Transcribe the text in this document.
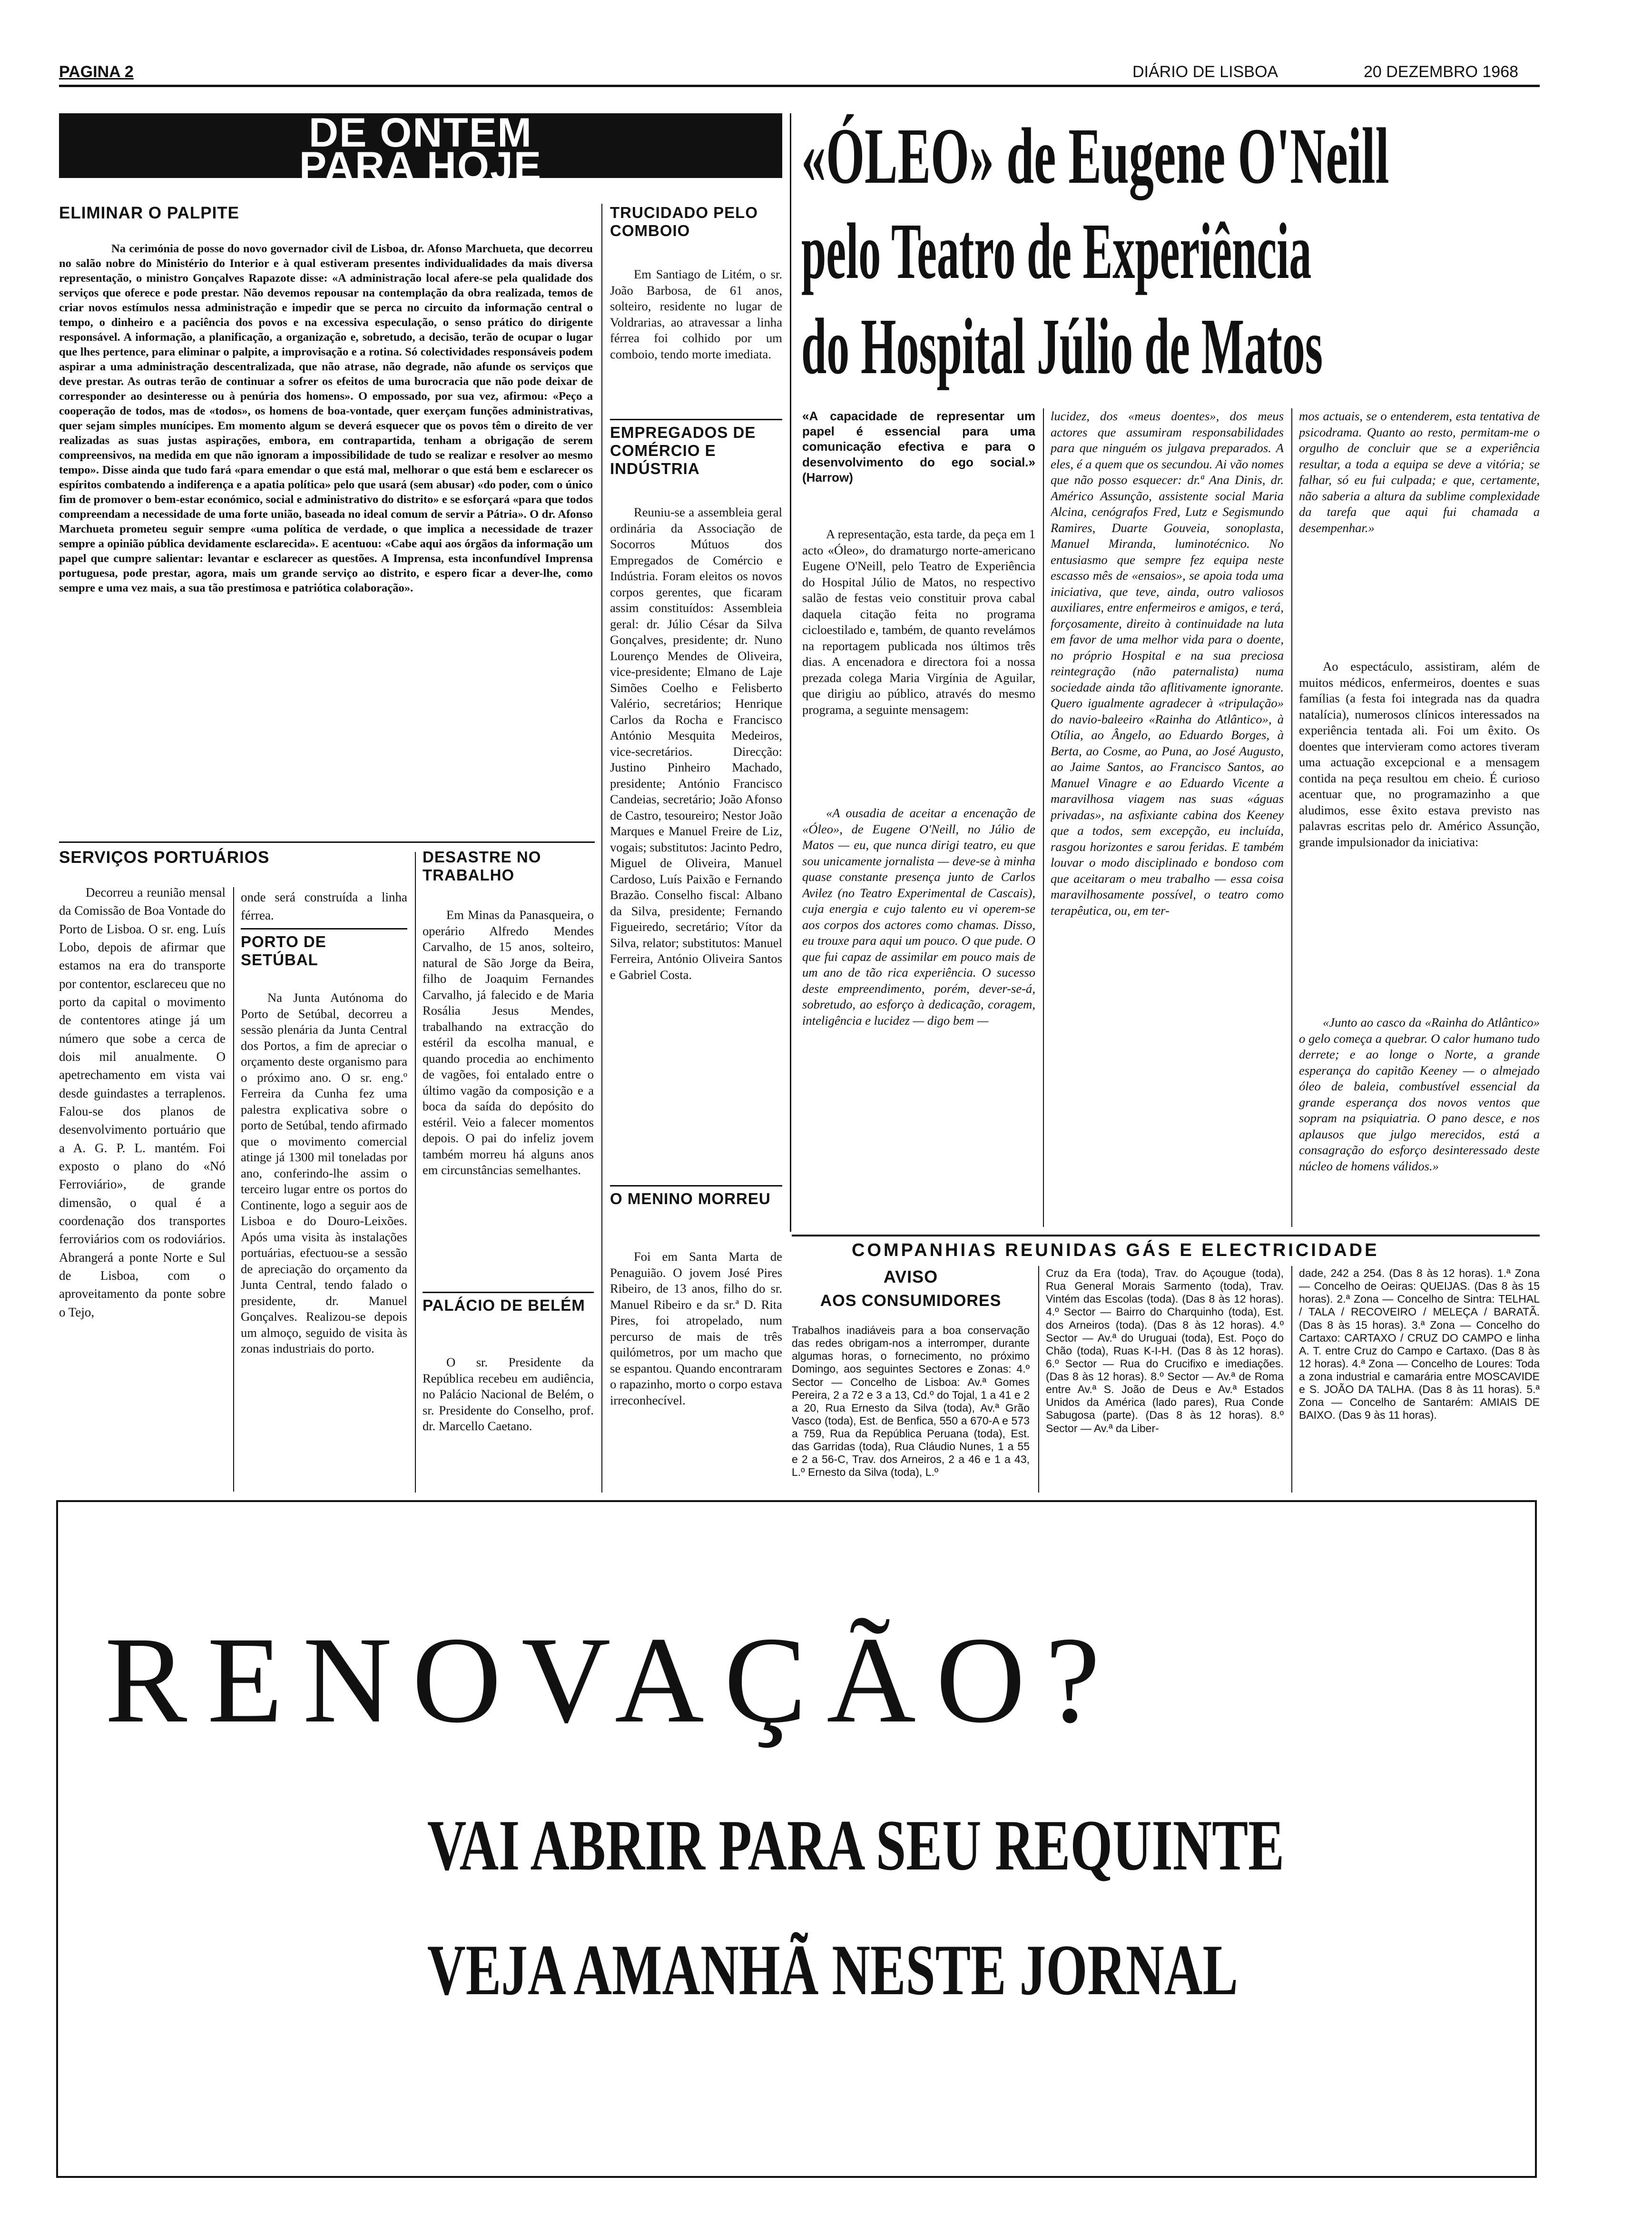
PAGINA 2	DIÁRIO DE LISBOA	20 DEZEMBRO 1968
DE ONTEM
PARA HOJE
ELIMINAR O PALPITE

Na cerimónia de posse do novo governador civil de Lisboa, dr. Afonso Marchueta, que decorreu no salão nobre do Ministério do Interior e à qual estiveram presentes individualidades da mais diversa representação, o ministro Gonçalves Rapazote disse: «A administração local afere-se pela qualidade dos serviços que oferece e pode prestar. Não devemos repousar na contemplação da obra realizada, temos de criar novos estímulos nessa administração e impedir que se perca no circuito da informação central o tempo, o dinheiro e a paciência dos povos e na excessiva especulação, o senso prático do dirigente responsável. A informação, a planificação, a organização e, sobretudo, a decisão, terão de ocupar o lugar que lhes pertence, para eliminar o palpite, a improvisação e a rotina. Só colectividades responsáveis podem aspirar a uma administração descentralizada, que não atrase, não degrade, não afunde os serviços que deve prestar. As outras terão de continuar a sofrer os efeitos de uma burocracia que não pode deixar de corresponder ao desinteresse ou à penúria dos homens». O empossado, por sua vez, afirmou: «Peço a cooperação de todos, mas de «todos», os homens de boa-vontade, quer exerçam funções administrativas, quer sejam simples munícipes. Em momento algum se deverá esquecer que os povos têm o direito de ver realizadas as suas justas aspirações, embora, em contrapartida, tenham a obrigação de serem compreensivos, na medida em que não ignoram a impossibilidade de tudo se realizar e resolver ao mesmo tempo». Disse ainda que tudo fará «para emendar o que está mal, melhorar o que está bem e esclarecer os espíritos combatendo a indiferença e a apatia política» pelo que usará (sem abusar) «do poder, com o único fim de promover o bem-estar económico, social e administrativo do distrito» e se esforçará «para que todos compreendam a necessidade de uma forte união, baseada no ideal comum de servir a Pátria». O dr. Afonso Marchueta prometeu seguir sempre «uma política de verdade, o que implica a necessidade de trazer sempre a opinião pública devidamente esclarecida». E acentuou: «Cabe aqui aos órgãos da informação um papel que cumpre salientar: levantar e esclarecer as questões. A Imprensa, esta inconfundível Imprensa portuguesa, pode prestar, agora, mais um grande serviço ao distrito, e espero ficar a dever-lhe, como sempre e uma vez mais, a sua tão prestimosa e patriótica colaboração».

SERVIÇOS PORTUÁRIOS

Decorreu a reunião mensal da Comissão de Boa Vontade do Porto de Lisboa. O sr. eng. Luís Lobo, depois de afirmar que estamos na era do transporte por contentor, esclareceu que no porto da capital o movimento de contentores atinge já um número que sobe a cerca de dois mil anualmente. O apetrechamento em vista vai desde guindastes a terraplenos. Falou-se dos planos de desenvolvimento portuário que a A. G. P. L. mantém. Foi exposto o plano do «Nó Ferroviário», de grande dimensão, o qual é a coordenação dos transportes ferroviários com os rodoviários. Abrangerá a ponte Norte e Sul de Lisboa, com o aproveitamento da ponte sobre o Tejo,

onde será construída a linha férrea.

PORTO DE SETÚBAL

Na Junta Autónoma do Porto de Setúbal, decorreu a sessão plenária da Junta Central dos Portos, a fim de apreciar o orçamento deste organismo para o próximo ano. O sr. eng.º Ferreira da Cunha fez uma palestra explicativa sobre o porto de Setúbal, tendo afirmado que o movimento comercial atinge já 1300 mil toneladas por ano, conferindo-lhe assim o terceiro lugar entre os portos do Continente, logo a seguir aos de Lisboa e do Douro-Leixões. Após uma visita às instalações portuárias, efectuou-se a sessão de apreciação do orçamento da Junta Central, tendo falado o presidente, dr. Manuel Gonçalves. Realizou-se depois um almoço, seguido de visita às zonas industriais do porto.

DESASTRE NO TRABALHO

Em Minas da Panasqueira, o operário Alfredo Mendes Carvalho, de 15 anos, solteiro, natural de São Jorge da Beira, filho de Joaquim Fernandes Carvalho, já falecido e de Maria Rosália Jesus Mendes, trabalhando na extracção do estéril da escolha manual, e quando procedia ao enchimento de vagões, foi entalado entre o último vagão da composição e a boca da saída do depósito do estéril. Veio a falecer momentos depois. O pai do infeliz jovem também morreu há alguns anos em circunstâncias semelhantes.

PALÁCIO DE BELÉM

O sr. Presidente da República recebeu em audiência, no Palácio Nacional de Belém, o sr. Presidente do Conselho, prof. dr. Marcello Caetano.

TRUCIDADO PELO COMBOIO

Em Santiago de Litém, o sr. João Barbosa, de 61 anos, solteiro, residente no lugar de Voldrarias, ao atravessar a linha férrea foi colhido por um comboio, tendo morte imediata.

EMPREGADOS DE COMÉRCIO E INDÚSTRIA

Reuniu-se a assembleia geral ordinária da Associação de Socorros Mútuos dos Empregados de Comércio e Indústria. Foram eleitos os novos corpos gerentes, que ficaram assim constituídos: Assembleia geral: dr. Júlio César da Silva Gonçalves, presidente; dr. Nuno Lourenço Mendes de Oliveira, vice-presidente; Elmano de Laje Simões Coelho e Felisberto Valério, secretários; Henrique Carlos da Rocha e Francisco António Mesquita Medeiros, vice-secretários. Direcção: Justino Pinheiro Machado, presidente; António Francisco Candeias, secretário; João Afonso de Castro, tesoureiro; Nestor João Marques e Manuel Freire de Liz, vogais; substitutos: Jacinto Pedro, Miguel de Oliveira, Manuel Cardoso, Luís Paixão e Fernando Brazão. Conselho fiscal: Albano da Silva, presidente; Fernando Figueiredo, secretário; Vítor da Silva, relator; substitutos: Manuel Ferreira, António Oliveira Santos e Gabriel Costa.

O MENINO MORREU

Foi em Santa Marta de Penaguião. O jovem José Pires Ribeiro, de 13 anos, filho do sr. Manuel Ribeiro e da sr.ª D. Rita Pires, foi atropelado, num percurso de mais de três quilómetros, por um macho que se espantou. Quando encontraram o rapazinho, morto o corpo estava irreconhecível.

«ÓLEO» de Eugene O'Neill
pelo Teatro de Experiência
do Hospital Júlio de Matos

«A capacidade de representar um papel é essencial para uma comunicação efectiva e para o desenvolvimento do ego social.» (Harrow)

A representação, esta tarde, da peça em 1 acto «Óleo», do dramaturgo norte-americano Eugene O'Neill, pelo Teatro de Experiência do Hospital Júlio de Matos, no respectivo salão de festas veio constituir prova cabal daquela citação feita no programa cicloestilado e, também, de quanto revelámos na reportagem publicada nos últimos três dias. A encenadora e directora foi a nossa prezada colega Maria Virgínia de Aguilar, que dirigiu ao público, através do mesmo programa, a seguinte mensagem:

«A ousadia de aceitar a encenação de «Óleo», de Eugene O'Neill, no Júlio de Matos — eu, que nunca dirigi teatro, eu que sou unicamente jornalista — deve-se à minha quase constante presença junto de Carlos Avilez (no Teatro Experimental de Cascais), cuja energia e cujo talento eu vi operem-se aos corpos dos actores como chamas. Disso, eu trouxe para aqui um pouco. O que pude. O que fui capaz de assimilar em pouco mais de um ano de tão rica experiência. O sucesso deste empreendimento, porém, dever-se-á, sobretudo, ao esforço à dedicação, coragem, inteligência e lucidez — digo bem —

lucidez, dos «meus doentes», dos meus actores que assumiram responsabilidades para que ninguém os julgava preparados. A eles, é a quem que os secundou. Ai vão nomes que não posso esquecer: dr.ª Ana Dinis, dr. Américo Assunção, assistente social Maria Alcina, cenógrafos Fred, Lutz e Segismundo Ramires, Duarte Gouveia, sonoplasta, Manuel Miranda, luminotécnico. No entusiasmo que sempre fez equipa neste escasso mês de «ensaios», se apoia toda uma iniciativa, que teve, ainda, outro valiosos auxiliares, entre enfermeiros e amigos, e terá, forçosamente, direito à continuidade na luta em favor de uma melhor vida para o doente, no próprio Hospital e na sua preciosa reintegração (não paternalista) numa sociedade ainda tão aflitivamente ignorante. Quero igualmente agradecer à «tripulação» do navio-baleeiro «Rainha do Atlântico», à Otília, ao Ângelo, ao Eduardo Borges, à Berta, ao Cosme, ao Puna, ao José Augusto, ao Jaime Santos, ao Francisco Santos, ao Manuel Vinagre e ao Eduardo Vicente a maravilhosa viagem nas suas «águas privadas», na asfixiante cabina dos Keeney que a todos, sem excepção, eu incluída, rasgou horizontes e sarou feridas. E também louvar o modo disciplinado e bondoso com que aceitaram o meu trabalho — essa coisa maravilhosamente possível, o teatro como terapêutica, ou, em ter-

mos actuais, se o entenderem, esta tentativa de psicodrama. Quanto ao resto, permitam-me o orgulho de concluir que se a experiência resultar, a toda a equipa se deve a vitória; se falhar, só eu fui culpada; e que, certamente, não saberia a altura da sublime complexidade da tarefa que aqui fui chamada a desempenhar.»

Ao espectáculo, assistiram, além de muitos médicos, enfermeiros, doentes e suas famílias (a festa foi integrada nas da quadra natalícia), numerosos clínicos interessados na experiência tentada ali. Foi um êxito. Os doentes que intervieram como actores tiveram uma actuação excepcional e a mensagem contida na peça resultou em cheio. É curioso acentuar que, no programazinho a que aludimos, esse êxito estava previsto nas palavras escritas pelo dr. Américo Assunção, grande impulsionador da iniciativa:

«Junto ao casco da «Rainha do Atlântico» o gelo começa a quebrar. O calor humano tudo derrete; e ao longe o Norte, a grande esperança do capitão Keeney — o almejado óleo de baleia, combustível essencial da grande esperança dos novos ventos que sopram na psiquiatria. O pano desce, e nos aplausos que julgo merecidos, está a consagração do esforço desinteressado deste núcleo de homens válidos.»

COMPANHIAS REUNIDAS GÁS E ELECTRICIDADE
AVISO
AOS CONSUMIDORES

Trabalhos inadiáveis para a boa conservação das redes obrigam-nos a interromper, durante algumas horas, o fornecimento, no próximo Domingo, aos seguintes Sectores e Zonas: 4.º Sector — Concelho de Lisboa: Av.ª Gomes Pereira, 2 a 72 e 3 a 13, Cd.º do Tojal, 1 a 41 e 2 a 20, Rua Ernesto da Silva (toda), Av.ª Grão Vasco (toda), Est. de Benfica, 550 a 670-A e 573 a 759, Rua da República Peruana (toda), Est. das Garridas (toda), Rua Cláudio Nunes, 1 a 55 e 2 a 56-C, Trav. dos Arneiros, 2 a 46 e 1 a 43, L.º Ernesto da Silva (toda), L.º

Cruz da Era (toda), Trav. do Açougue (toda), Rua General Morais Sarmento (toda), Trav. Vintém das Escolas (toda). (Das 8 às 12 horas). 4.º Sector — Bairro do Charquinho (toda), Est. dos Arneiros (toda). (Das 8 às 12 horas). 4.º Sector — Av.ª do Uruguai (toda), Est. Poço do Chão (toda), Ruas K-I-H. (Das 8 às 12 horas). 6.º Sector — Rua do Crucifixo e imediações. (Das 8 às 12 horas). 8.º Sector — Av.ª de Roma entre Av.ª S. João de Deus e Av.ª Estados Unidos da América (lado pares), Rua Conde Sabugosa (parte). (Das 8 às 12 horas). 8.º Sector — Av.ª da Liber-

dade, 242 a 254. (Das 8 às 12 horas). 1.ª Zona — Concelho de Oeiras: QUEIJAS. (Das 8 às 15 horas). 2.ª Zona — Concelho de Sintra: TELHAL / TALA / RECOVEIRO / MELEÇA / BARATÃ. (Das 8 às 15 horas). 3.ª Zona — Concelho do Cartaxo: CARTAXO / CRUZ DO CAMPO e linha A. T. entre Cruz do Campo e Cartaxo. (Das 8 às 12 horas). 4.ª Zona — Concelho de Loures: Toda a zona industrial e camarária entre MOSCAVIDE e S. JOÃO DA TALHA. (Das 8 às 11 horas). 5.ª Zona — Concelho de Santarém: AMIAIS DE BAIXO. (Das 9 às 11 horas).

RENOVAÇÃO?
VAI ABRIR PARA SEU REQUINTE
VEJA AMANHÃ NESTE JORNAL
